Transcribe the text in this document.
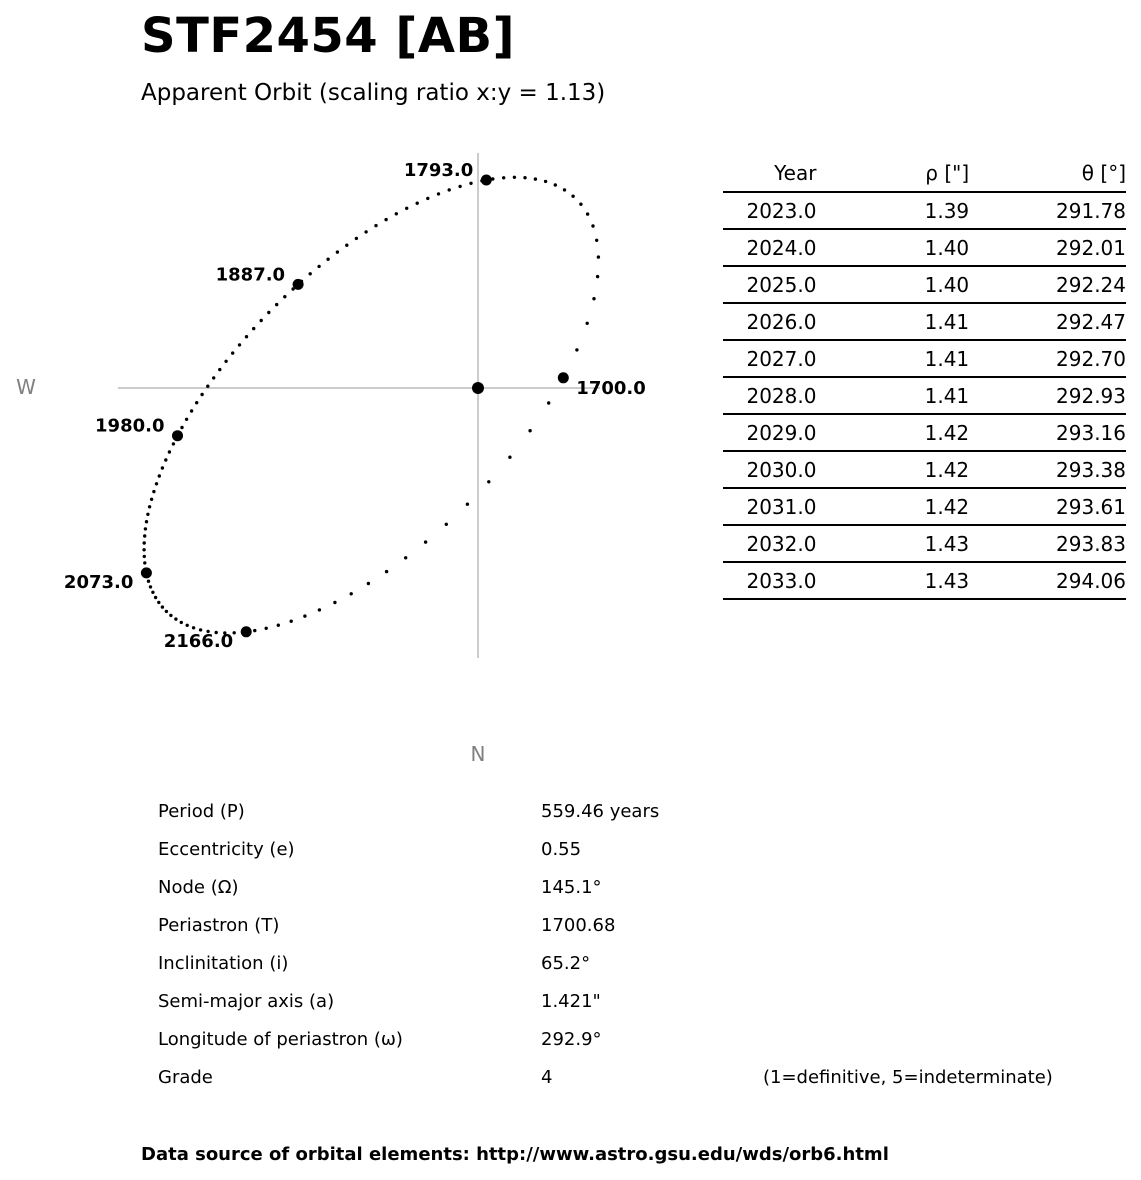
STF2454 [AB]
Apparent Orbit (scaling ratio x:y = 1.13)
W
N
1700.0
1793.0
1887.0
1980.0
2073.0
2166.0
Year	ρ ["]	θ [°]
2023.0	1.39	291.78
2024.0	1.40	292.01
2025.0	1.40	292.24
2026.0	1.41	292.47
2027.0	1.41	292.70
2028.0	1.41	292.93
2029.0	1.42	293.16
2030.0	1.42	293.38
2031.0	1.42	293.61
2032.0	1.43	293.83
2033.0	1.43	294.06
Period (P)	559.46 years
Eccentricity (e)	0.55
Node (Ω)	145.1°
Periastron (T)	1700.68
Inclinitation (i)	65.2°
Semi-major axis (a)	1.421"
Longitude of periastron (ω)	292.9°
Grade	4	(1=definitive, 5=indeterminate)
Data source of orbital elements: http://www.astro.gsu.edu/wds/orb6.html
